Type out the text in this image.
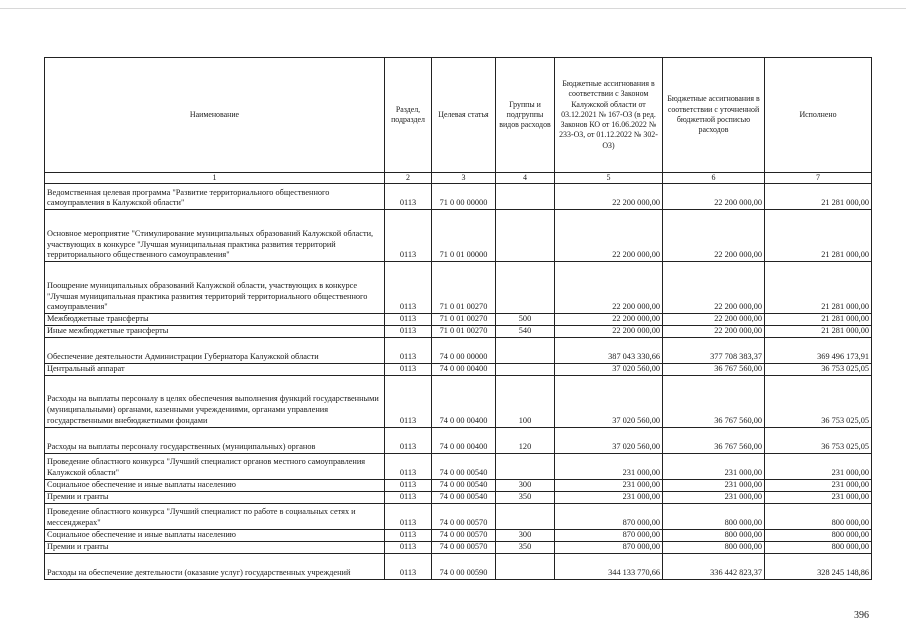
Наименование	Раздел, подраздел	Целевая статья	Группы и подгруппы видов расходов	Бюджетные ассигнования в соответствии с Законом Калужской области от 03.12.2021 № 167-ОЗ (в ред. Законов КО от 16.06.2022 № 233-ОЗ, от 01.12.2022 № 302-ОЗ)	Бюджетные ассигнования в соответствии с уточненной бюджетной росписью расходов	Исполнено
1	2	3	4	5	6	7
Ведомственная целевая программа "Развитие территориального общественного самоуправления в Калужской области"	0113	71 0 00 00000		22 200 000,00	22 200 000,00	21 281 000,00
Основное мероприятие "Стимулирование муниципальных образований Калужской области, участвующих в конкурсе "Лучшая муниципальная практика развития территорий территориального общественного самоуправления"	0113	71 0 01 00000		22 200 000,00	22 200 000,00	21 281 000,00
Поощрение муниципальных образований Калужской области, участвующих в конкурсе "Лучшая муниципальная практика развития территорий территориального общественного самоуправления"	0113	71 0 01 00270		22 200 000,00	22 200 000,00	21 281 000,00
Межбюджетные трансферты	0113	71 0 01 00270	500	22 200 000,00	22 200 000,00	21 281 000,00
Иные межбюджетные трансферты	0113	71 0 01 00270	540	22 200 000,00	22 200 000,00	21 281 000,00
Обеспечение деятельности Администрации Губернатора Калужской области	0113	74 0 00 00000		387 043 330,66	377 708 383,37	369 496 173,91
Центральный аппарат	0113	74 0 00 00400		37 020 560,00	36 767 560,00	36 753 025,05
Расходы на выплаты персоналу в целях обеспечения выполнения функций государственными (муниципальными) органами, казенными учреждениями, органами управления государственными внебюджетными фондами	0113	74 0 00 00400	100	37 020 560,00	36 767 560,00	36 753 025,05
Расходы на выплаты персоналу государственных (муниципальных) органов	0113	74 0 00 00400	120	37 020 560,00	36 767 560,00	36 753 025,05
Проведение областного конкурса "Лучший специалист органов местного самоуправления Калужской области"	0113	74 0 00 00540		231 000,00	231 000,00	231 000,00
Социальное обеспечение и иные выплаты населению	0113	74 0 00 00540	300	231 000,00	231 000,00	231 000,00
Премии и гранты	0113	74 0 00 00540	350	231 000,00	231 000,00	231 000,00
Проведение областного конкурса "Лучший специалист по работе в социальных сетях и мессенджерах"	0113	74 0 00 00570		870 000,00	800 000,00	800 000,00
Социальное обеспечение и иные выплаты населению	0113	74 0 00 00570	300	870 000,00	800 000,00	800 000,00
Премии и гранты	0113	74 0 00 00570	350	870 000,00	800 000,00	800 000,00
Расходы на обеспечение деятельности (оказание услуг) государственных учреждений	0113	74 0 00 00590		344 133 770,66	336 442 823,37	328 245 148,86
396
